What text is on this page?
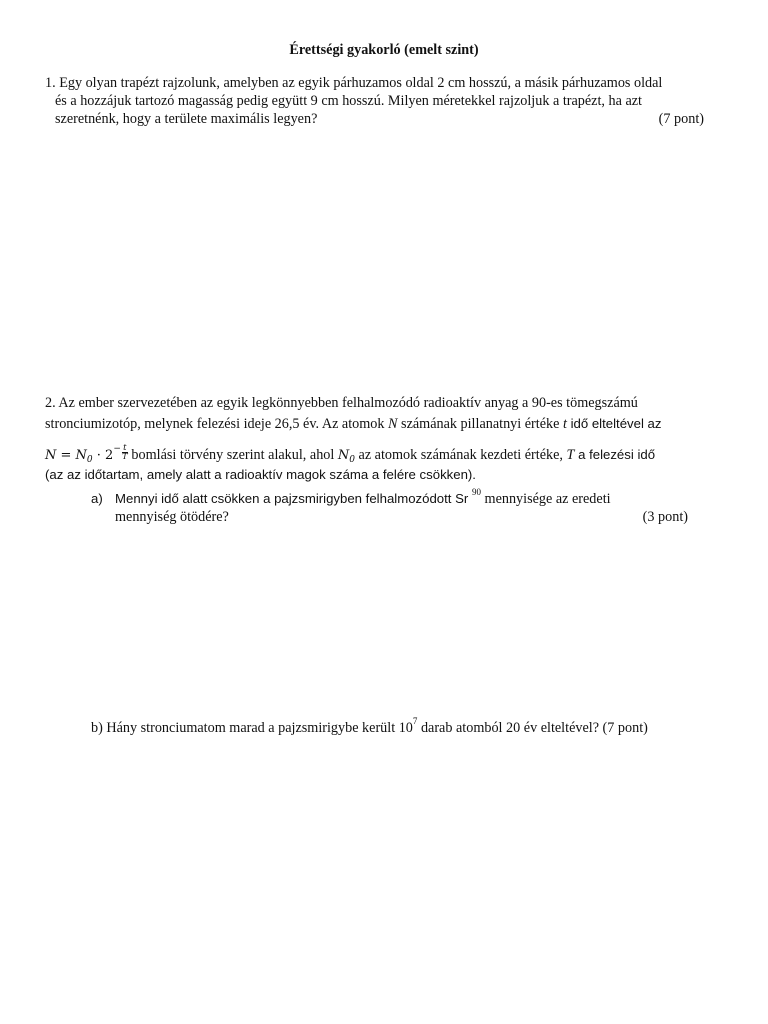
Érettségi gyakorló (emelt szint)
1. Egy olyan trapézt rajzolunk, amelyben az egyik párhuzamos oldal 2 cm hosszú, a másik párhuzamos oldal
és a hozzájuk tartozó magasság pedig együtt 9 cm hosszú. Milyen méretekkel rajzoljuk a trapézt, ha azt
szeretnénk, hogy a területe maximális legyen?	(7 pont)
2. Az ember szervezetében az egyik legkönnyebben felhalmozódó radioaktív anyag a 90-es tömegszámú
stronciumizotóp, melynek felezési ideje 26,5 év. Az atomok N számának pillanatnyi értéke t idő elteltével az
$N = N_0 \cdot 2^- \frac{t}{T}$ bomlási törvény szerint alakul, ahol $N_0$ az atomok számának kezdeti értéke, T a felezési idő
(az az időtartam, amely alatt a radioaktív magok száma a felére csökken).
a) Mennyi idő alatt csökken a pajzsmirigyben felhalmozódott Sr $^{90}$ mennyisége az eredeti
mennyiség ötödére?	(3 pont)
b) Hány stronciumatom marad a pajzsmirigybe került $10^7$ darab atomból 20 év elteltével? (7 pont)
